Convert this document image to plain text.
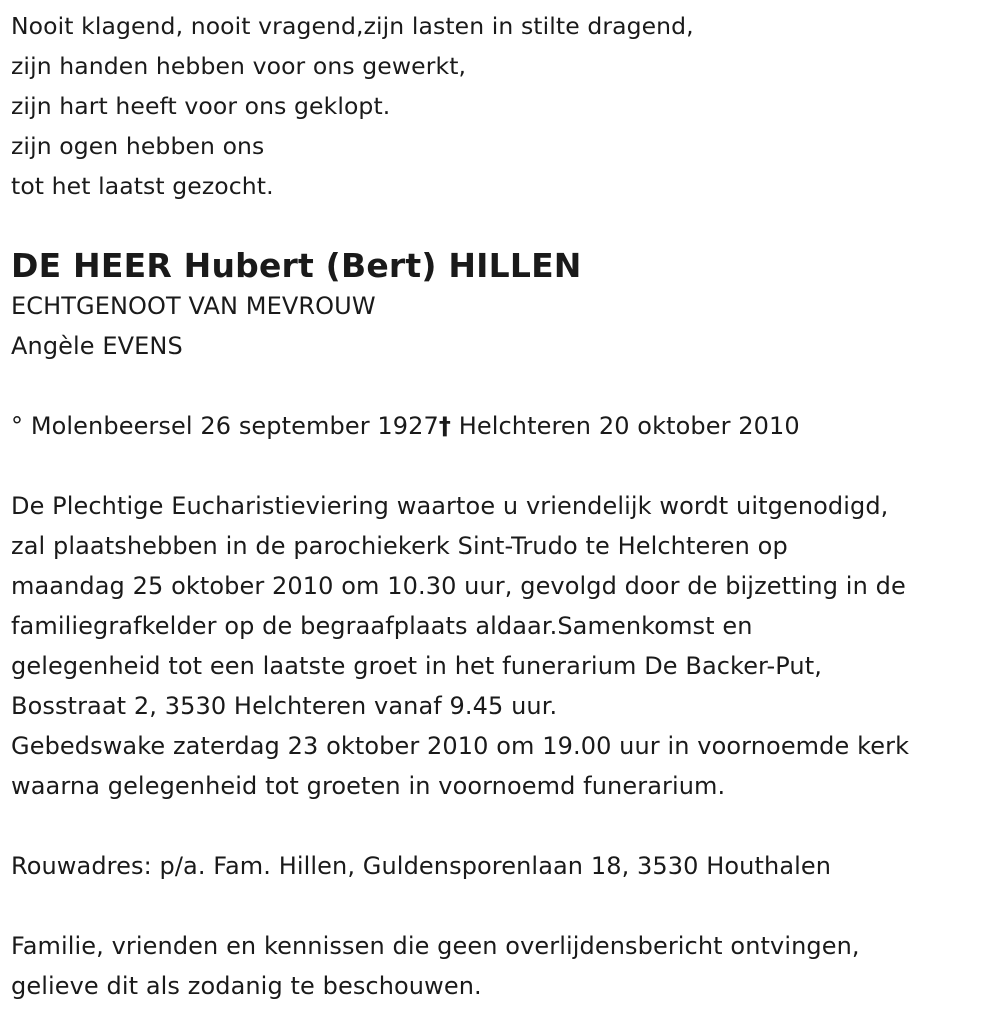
Nooit klagend, nooit vragend,zijn lasten in stilte dragend,
zijn handen hebben voor ons gewerkt,
zijn hart heeft voor ons geklopt.
zijn ogen hebben ons
tot het laatst gezocht.
DE HEER Hubert (Bert) HILLEN
ECHTGENOOT VAN MEVROUW
Angèle EVENS
° Molenbeersel 26 september 1927† Helchteren 20 oktober 2010
De Plechtige Eucharistieviering waartoe u vriendelijk wordt uitgenodigd,
zal plaatshebben in de parochiekerk Sint-Trudo te Helchteren op
maandag 25 oktober 2010 om 10.30 uur, gevolgd door de bijzetting in de
familiegrafkelder op de begraafplaats aldaar.Samenkomst en
gelegenheid tot een laatste groet in het funerarium De Backer-Put,
Bosstraat 2, 3530 Helchteren vanaf 9.45 uur.
Gebedswake zaterdag 23 oktober 2010 om 19.00 uur in voornoemde kerk
waarna gelegenheid tot groeten in voornoemd funerarium.
Rouwadres: p/a. Fam. Hillen, Guldensporenlaan 18, 3530 Houthalen
Familie, vrienden en kennissen die geen overlijdensbericht ontvingen,
gelieve dit als zodanig te beschouwen.
